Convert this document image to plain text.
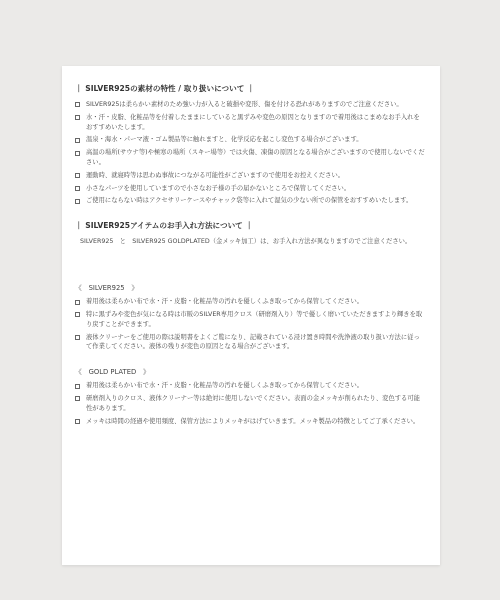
｜ SILVER925の素材の特性 / 取り扱いについて ｜
SILVER925は柔らかい素材のため強い力が入ると破損や変形、傷を付ける恐れがありますのでご注意ください。
水・汗・皮脂、化粧品等を付着したままにしていると黒ずみや変色の原因となりますので着用後はこまめなお手入れをおすすめいたします。
温泉・海水・パーマ液・ゴム製品等に触れますと、化学反応を起こし変色する場合がございます。
高温の場所(サウナ等)や極寒の場所（スキー場等）では火傷、凍傷の原因となる場合がございますので使用しないでください。
運動時、就寝時等は思わぬ事故につながる可能性がございますので使用をお控えください。
小さなパーツを使用していますので小さなお子様の手の届かないところで保管してください。
ご使用にならない時はアクセサリーケースやチャック袋等に入れて湿気の少ない所での保管をおすすめいたします。
｜ SILVER925アイテムのお手入れ方法について ｜
SILVER925　と　SILVER925 GOLDPLATED（金メッキ加工）は、お手入れ方法が異なりますのでご注意ください。
《　SILVER925　》
着用後は柔らかい布で水・汗・皮脂・化粧品等の汚れを優しくふき取ってから保管してください。
特に黒ずみや変色が気になる時は市販のSILVER専用クロス（研磨剤入り）等で優しく磨いていただきますより輝きを取り戻すことができます。
液体クリーナーをご使用の際は説明書をよくご覧になり、記載されている浸け置き時間や洗浄液の取り扱い方法に従って作業してください。液体の残りが変色の原因となる場合がございます。
《　GOLD PLATED　》
着用後は柔らかい布で水・汗・皮脂・化粧品等の汚れを優しくふき取ってから保管してください。
研磨剤入りのクロス、液体クリーナー等は絶対に使用しないでください。表面の金メッキが削られたり、変色する可能性があります。
メッキは時間の経過や使用頻度、保管方法によりメッキがはげていきます。メッキ製品の特徴としてご了承ください。
